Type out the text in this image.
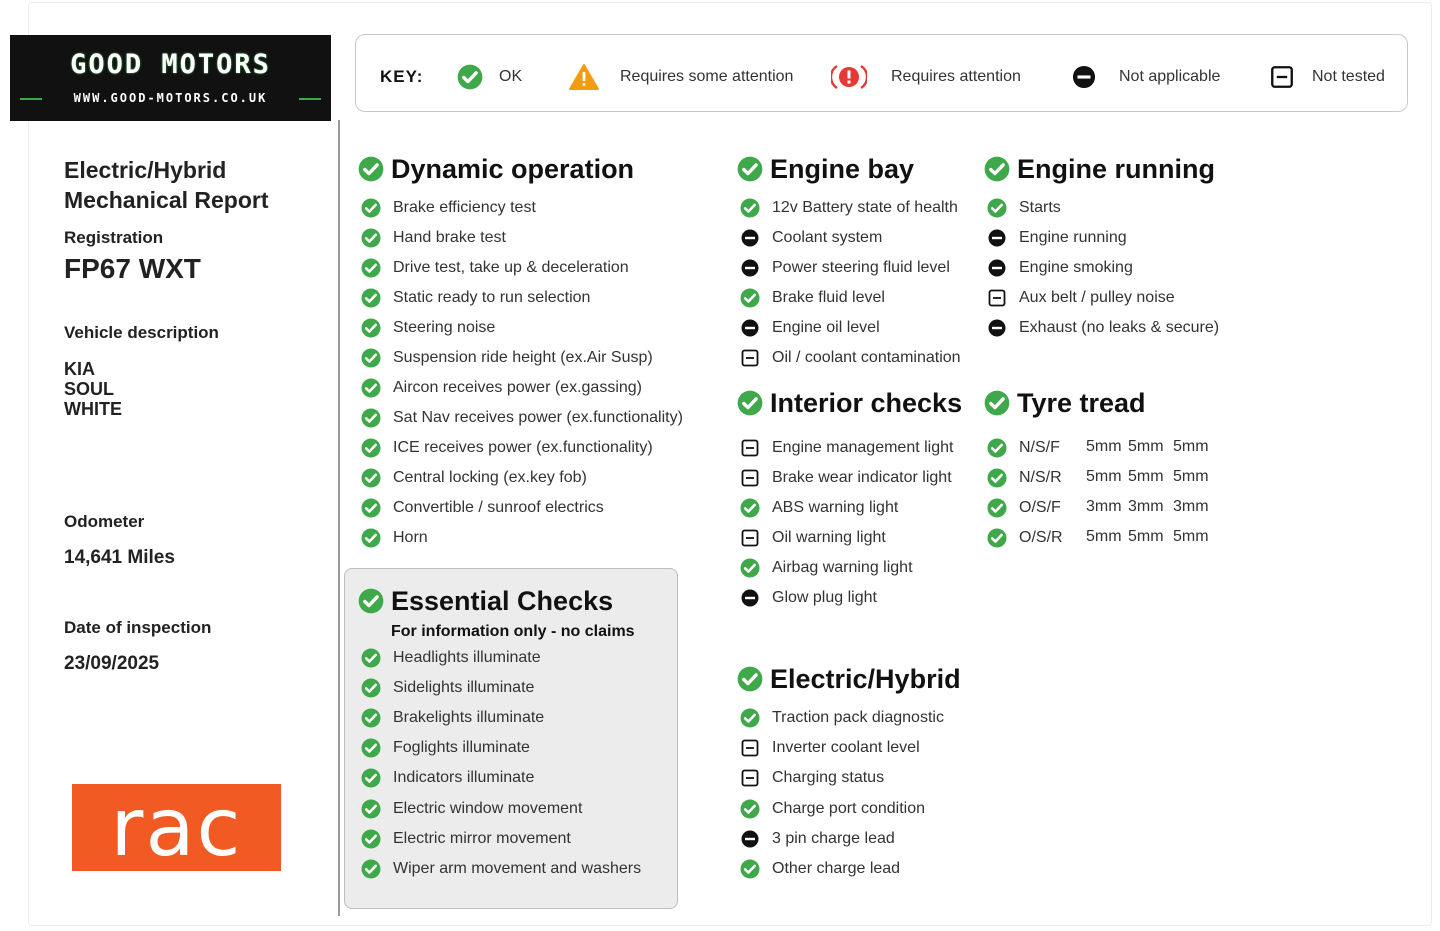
GOOD MOTORS
WWW.GOOD-MOTORS.CO.UK
Electric/Hybrid Mechanical Report
Registration
FP67 WXT
Vehicle description
KIA
SOUL
WHITE
Odometer
14,641 Miles
Date of inspection
23/09/2025
rac
KEY:	OK	Requires some attention	Requires attention	Not applicable	Not tested
Dynamic operation
Brake efficiency test
Hand brake test
Drive test, take up & deceleration
Static ready to run selection
Steering noise
Suspension ride height (ex.Air Susp)
Aircon receives power (ex.gassing)
Sat Nav receives power (ex.functionality)
ICE receives power (ex.functionality)
Central locking (ex.key fob)
Convertible / sunroof electrics
Horn
Essential Checks
Headlights illuminate
Sidelights illuminate
Brakelights illuminate
Foglights illuminate
Indicators illuminate
Electric window movement
Electric mirror movement
Wiper arm movement and washers
For information only - no claims
Engine bay
12v Battery state of health
Coolant system
Power steering fluid level
Brake fluid level
Engine oil level
Oil / coolant contamination
Interior checks
Engine management light
Brake wear indicator light
ABS warning light
Oil warning light
Airbag warning light
Glow plug light
Electric/Hybrid
Traction pack diagnostic
Inverter coolant level
Charging status
Charge port condition
3 pin charge lead
Other charge lead
Engine running
Starts
Engine running
Engine smoking
Aux belt / pulley noise
Exhaust (no leaks & secure)
Tyre tread
N/S/F 5mm 5mm 5mm
N/S/R 5mm 5mm 5mm
O/S/F 3mm 3mm 3mm
O/S/R 5mm 5mm 5mm
